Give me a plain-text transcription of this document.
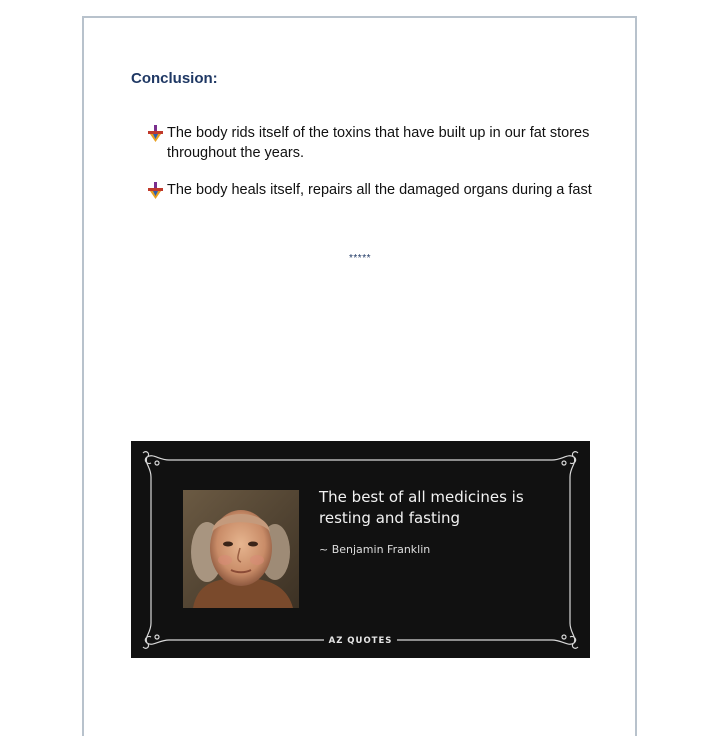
Conclusion:
The body rids itself of the toxins that have built up in our fat stores throughout the years.
The body heals itself, repairs all the damaged organs during a fast
*****
The best of all medicines is resting and fasting
~ Benjamin Franklin
AZ QUOTES
